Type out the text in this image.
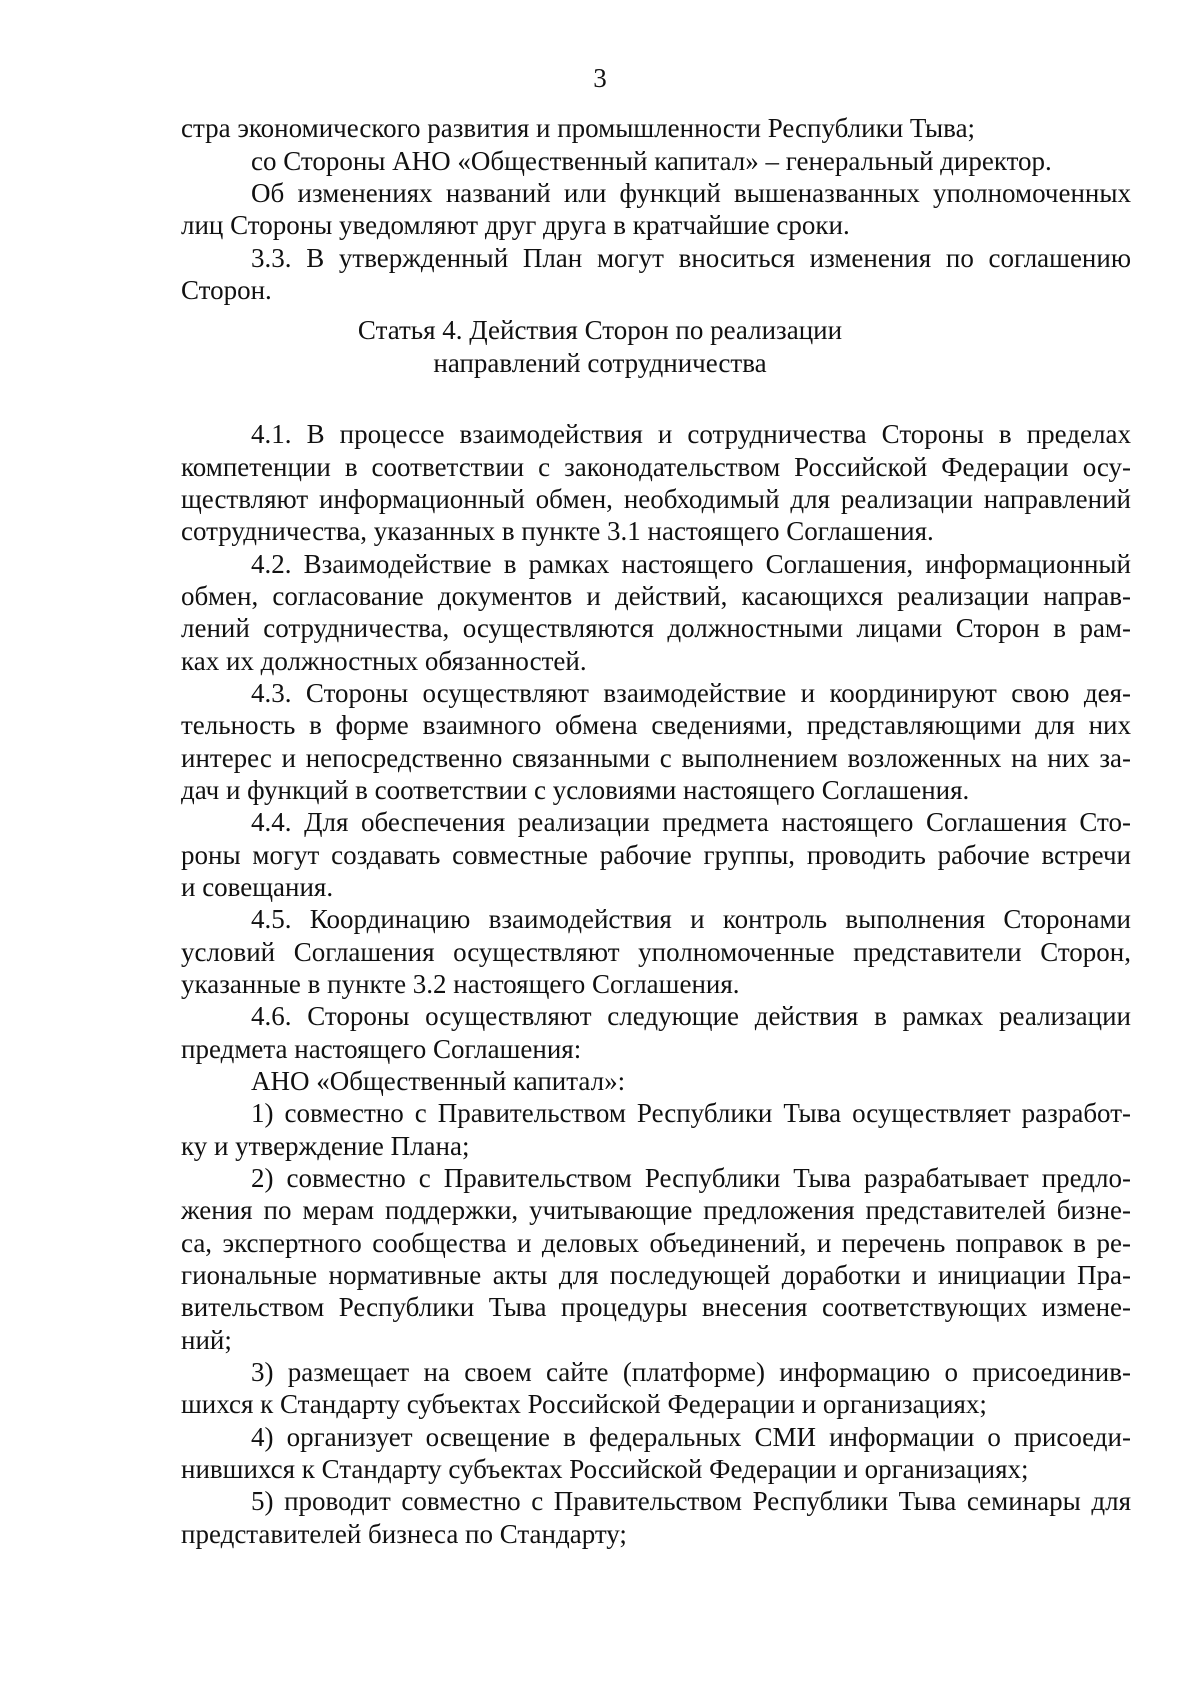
3
стра экономического развития и промышленности Республики Тыва;
со Стороны АНО «Общественный капитал» – генеральный директор.
Об изменениях названий или функций вышеназванных уполномоченных
лиц Стороны уведомляют друг друга в кратчайшие сроки.
3.3. В утвержденный План могут вноситься изменения по соглашению
Сторон.
Статья 4. Действия Сторон по реализации
направлений сотрудничества
4.1. В процессе взаимодействия и сотрудничества Стороны в пределах
компетенции в соответствии с законодательством Российской Федерации осу-
ществляют информационный обмен, необходимый для реализации направлений
сотрудничества, указанных в пункте 3.1 настоящего Соглашения.
4.2. Взаимодействие в рамках настоящего Соглашения, информационный
обмен, согласование документов и действий, касающихся реализации направ-
лений сотрудничества, осуществляются должностными лицами Сторон в рам-
ках их должностных обязанностей.
4.3. Стороны осуществляют взаимодействие и координируют свою дея-
тельность в форме взаимного обмена сведениями, представляющими для них
интерес и непосредственно связанными с выполнением возложенных на них за-
дач и функций в соответствии с условиями настоящего Соглашения.
4.4. Для обеспечения реализации предмета настоящего Соглашения Сто-
роны могут создавать совместные рабочие группы, проводить рабочие встречи
и совещания.
4.5. Координацию взаимодействия и контроль выполнения Сторонами
условий Соглашения осуществляют уполномоченные представители Сторон,
указанные в пункте 3.2 настоящего Соглашения.
4.6. Стороны осуществляют следующие действия в рамках реализации
предмета настоящего Соглашения:
АНО «Общественный капитал»:
1) совместно с Правительством Республики Тыва осуществляет разработ-
ку и утверждение Плана;
2) совместно с Правительством Республики Тыва разрабатывает предло-
жения по мерам поддержки, учитывающие предложения представителей бизне-
са, экспертного сообщества и деловых объединений, и перечень поправок в ре-
гиональные нормативные акты для последующей доработки и инициации Пра-
вительством Республики Тыва процедуры внесения соответствующих измене-
ний;
3) размещает на своем сайте (платформе) информацию о присоединив-
шихся к Стандарту субъектах Российской Федерации и организациях;
4) организует освещение в федеральных СМИ информации о присоеди-
нившихся к Стандарту субъектах Российской Федерации и организациях;
5) проводит совместно с Правительством Республики Тыва семинары для
представителей бизнеса по Стандарту;
